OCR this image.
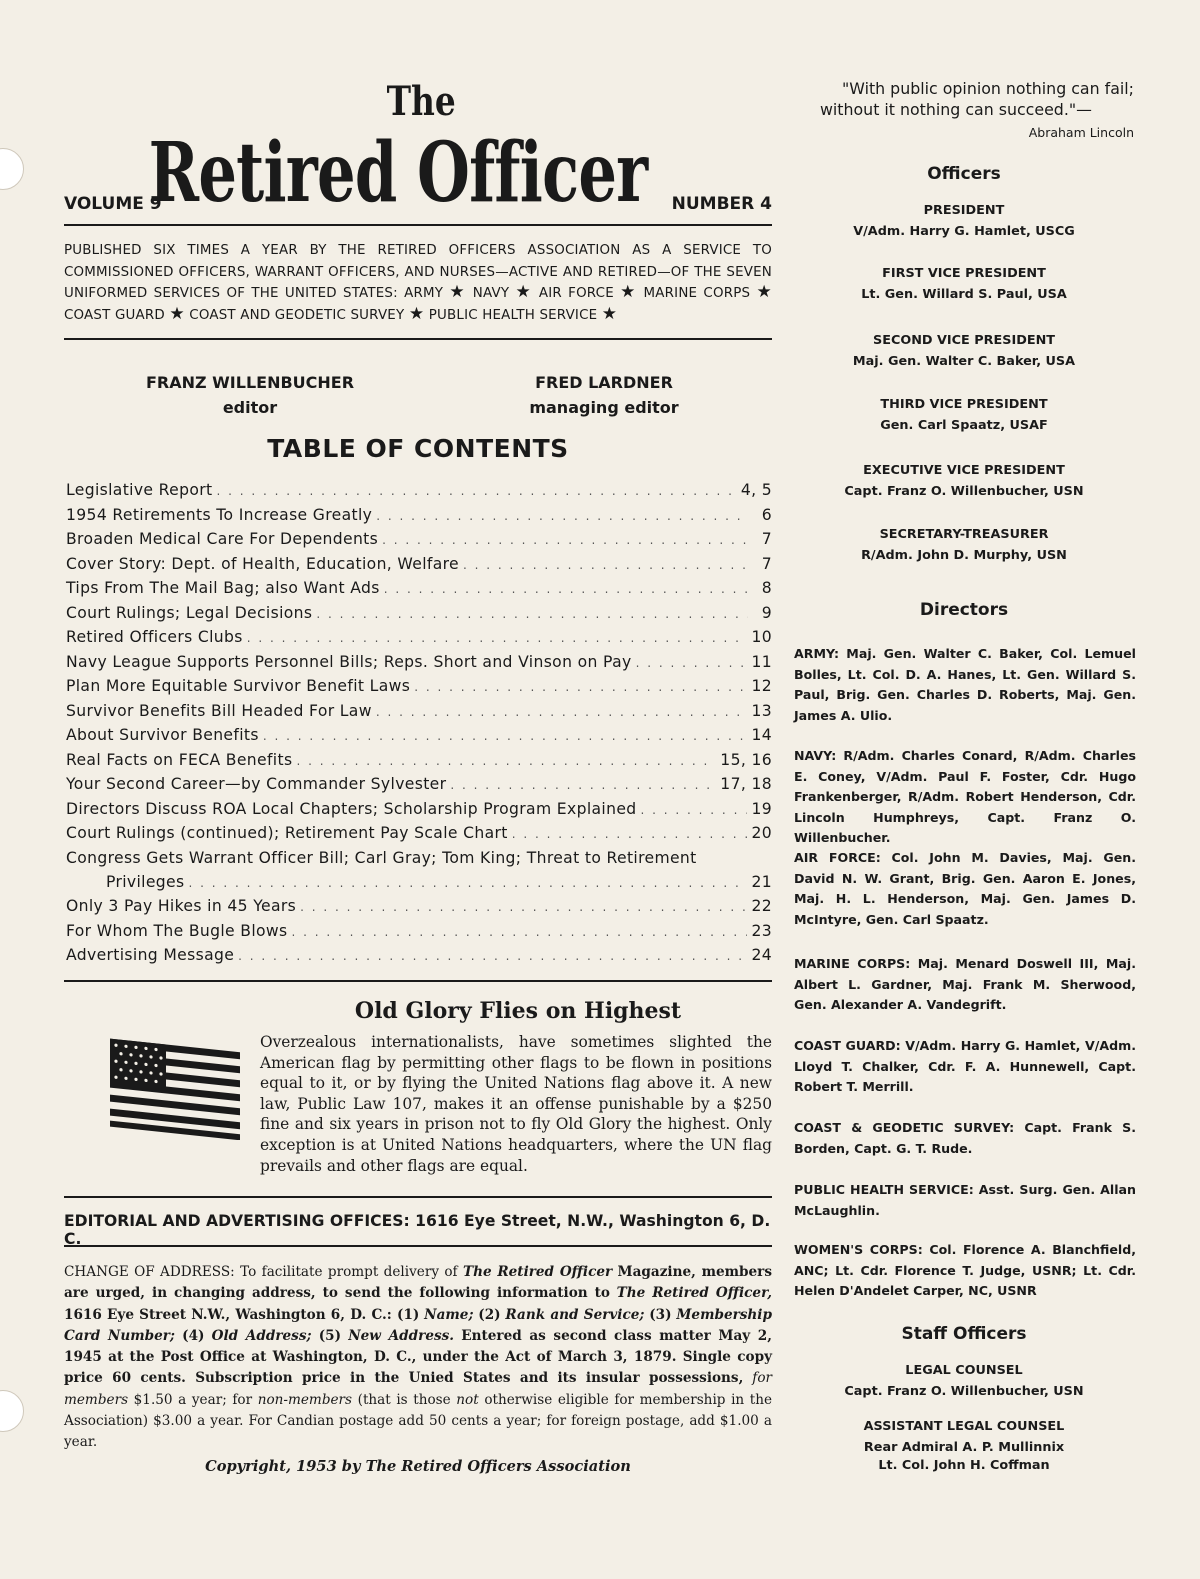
The Retired Officer
VOLUME 9	NUMBER 4
PUBLISHED SIX TIMES A YEAR BY THE RETIRED OFFICERS ASSOCIATION AS A SERVICE TO COMMISSIONED OFFICERS, WARRANT OFFICERS, AND NURSES—ACTIVE AND RETIRED—OF THE SEVEN UNIFORMED SERVICES OF THE UNITED STATES: ARMY ★ NAVY ★ AIR FORCE ★ MARINE CORPS ★ COAST GUARD ★ COAST AND GEODETIC SURVEY ★ PUBLIC HEALTH SERVICE ★
FRANZ WILLENBUCHER
editor
FRED LARDNER
managing editor
TABLE OF CONTENTS
Legislative Report . . .	4, 5
1954 Retirements To Increase Greatly . . .	6
Broaden Medical Care For Dependents . . .	7
Cover Story: Dept. of Health, Education, Welfare . . .	7
Tips From The Mail Bag; also Want Ads . . .	8
Court Rulings; Legal Decisions . . .	9
Retired Officers Clubs . . .	10
Navy League Supports Personnel Bills; Reps. Short and Vinson on Pay . . .	11
Plan More Equitable Survivor Benefit Laws . . .	12
Survivor Benefits Bill Headed For Law . . .	13
About Survivor Benefits . . .	14
Real Facts on FECA Benefits . . .	15, 16
Your Second Career—by Commander Sylvester . . .	17, 18
Directors Discuss ROA Local Chapters; Scholarship Program Explained . . .	19
Court Rulings (continued); Retirement Pay Scale Chart . . .	20
Congress Gets Warrant Officer Bill; Carl Gray; Tom King; Threat to Retirement
Privileges . . .	21
Only 3 Pay Hikes in 45 Years . . .	22
For Whom The Bugle Blows . . .	23
Advertising Message . . .	24
Old Glory Flies on Highest
Overzealous internationalists, have sometimes slighted the American flag by permitting other flags to be flown in positions equal to it, or by flying the United Nations flag above it. A new law, Public Law 107, makes it an offense punishable by a $250 fine and six years in prison not to fly Old Glory the highest. Only exception is at United Nations headquarters, where the UN flag prevails and other flags are equal.
EDITORIAL AND ADVERTISING OFFICES: 1616 Eye Street, N.W., Washington 6, D. C.
CHANGE OF ADDRESS: To facilitate prompt delivery of The Retired Officer Magazine, members are urged, in changing address, to send the following information to The Retired Officer, 1616 Eye Street N.W., Washington 6, D. C.: (1) Name; (2) Rank and Service; (3) Membership Card Number; (4) Old Address; (5) New Address. Entered as second class matter May 2, 1945 at the Post Office at Washington, D. C., under the Act of March 3, 1879. Single copy price 60 cents. Subscription price in the Unied States and its insular possessions, for members $1.50 a year; for non-members (that is those not otherwise eligible for membership in the Association) $3.00 a year. For Candian postage add 50 cents a year; for foreign postage, add $1.00 a year.
Copyright, 1953 by The Retired Officers Association
"With public opinion nothing can fail;
without it nothing can succeed."—
Abraham Lincoln
Officers
PRESIDENT
V/Adm. Harry G. Hamlet, USCG
FIRST VICE PRESIDENT
Lt. Gen. Willard S. Paul, USA
SECOND VICE PRESIDENT
Maj. Gen. Walter C. Baker, USA
THIRD VICE PRESIDENT
Gen. Carl Spaatz, USAF
EXECUTIVE VICE PRESIDENT
Capt. Franz O. Willenbucher, USN
SECRETARY-TREASURER
R/Adm. John D. Murphy, USN
Directors
ARMY: Maj. Gen. Walter C. Baker, Col. Lemuel Bolles, Lt. Col. D. A. Hanes, Lt. Gen. Willard S. Paul, Brig. Gen. Charles D. Roberts, Maj. Gen. James A. Ulio.
NAVY: R/Adm. Charles Conard, R/Adm. Charles E. Coney, V/Adm. Paul F. Foster, Cdr. Hugo Frankenberger, R/Adm. Robert Henderson, Cdr. Lincoln Humphreys, Capt. Franz O. Willenbucher.
AIR FORCE: Col. John M. Davies, Maj. Gen. David N. W. Grant, Brig. Gen. Aaron E. Jones, Maj. H. L. Henderson, Maj. Gen. James D. McIntyre, Gen. Carl Spaatz.
MARINE CORPS: Maj. Menard Doswell III, Maj. Albert L. Gardner, Maj. Frank M. Sherwood, Gen. Alexander A. Vandegrift.
COAST GUARD: V/Adm. Harry G. Hamlet, V/Adm. Lloyd T. Chalker, Cdr. F. A. Hunnewell, Capt. Robert T. Merrill.
COAST & GEODETIC SURVEY: Capt. Frank S. Borden, Capt. G. T. Rude.
PUBLIC HEALTH SERVICE: Asst. Surg. Gen. Allan McLaughlin.
WOMEN'S CORPS: Col. Florence A. Blanchfield, ANC; Lt. Cdr. Florence T. Judge, USNR; Lt. Cdr. Helen D'Andelet Carper, NC, USNR
Staff Officers
LEGAL COUNSEL
Capt. Franz O. Willenbucher, USN
ASSISTANT LEGAL COUNSEL
Rear Admiral A. P. Mullinnix
Lt. Col. John H. Coffman
